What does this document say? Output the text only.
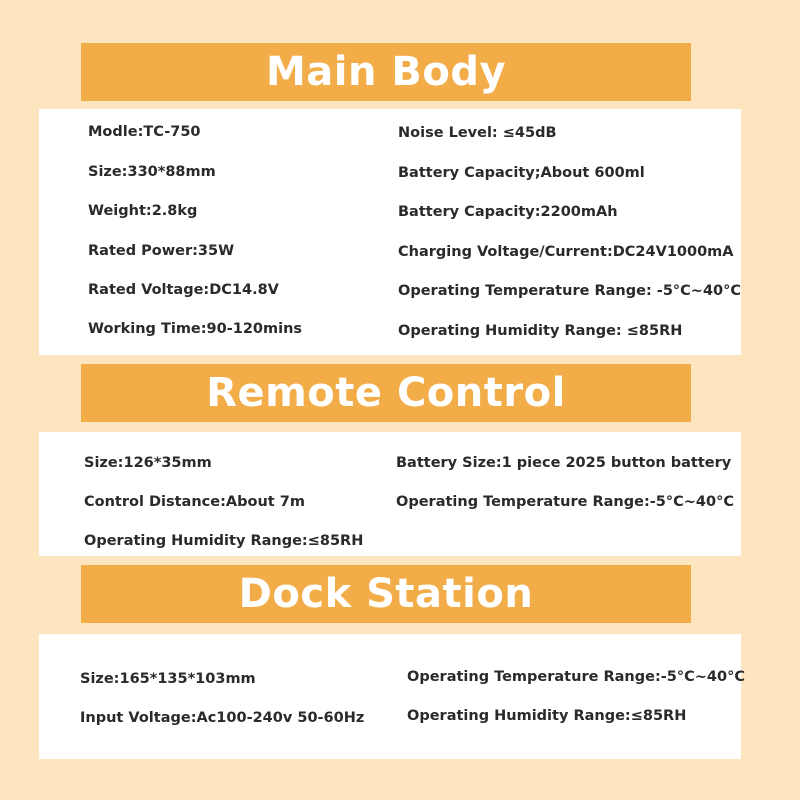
Main Body
Modle:TC-750
Size:330*88mm
Weight:2.8kg
Rated Power:35W
Rated Voltage:DC14.8V
Working Time:90-120mins
Noise Level: ≤45dB
Battery Capacity;About 600ml
Battery Capacity:2200mAh
Charging Voltage/Current:DC24V1000mA
Operating Temperature Range: -5°C~40°C
Operating Humidity Range: ≤85RH
Remote Control
Size:126*35mm
Control Distance:About 7m
Operating Humidity Range:≤85RH
Battery Size:1 piece 2025 button battery
Operating Temperature Range:-5°C~40°C
Dock Station
Size:165*135*103mm
Input Voltage:Ac100-240v 50-60Hz
Operating Temperature Range:-5°C~40°C
Operating Humidity Range:≤85RH
